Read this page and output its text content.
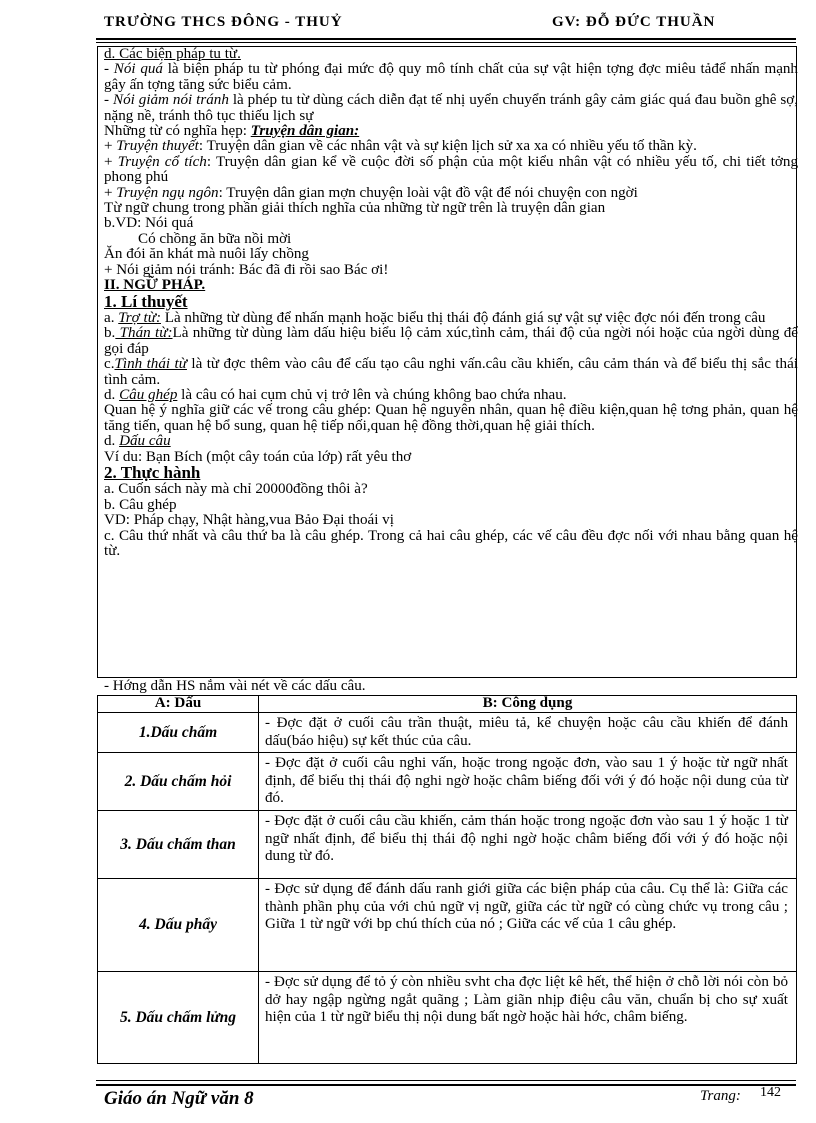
TRƯỜNG THCS ĐÔNG - THUỶ	GV: ĐỖ ĐỨC THUẦN

d. Các biện pháp tu từ.

- Nói quá là biện pháp tu từ phóng đại mức độ quy mô tính chất của sự vật hiện tợng đợc miêu tảđể nhấn mạnh gây ấn tợng tăng sức biểu cảm.

- Nói giảm nói tránh là phép tu từ dùng cách diễn đạt tế nhị uyển chuyển tránh gây cảm giác quá đau buồn ghê sợ, nặng nề, tránh thô tục thiếu lịch sự

Những từ có nghĩa hẹp: Truyện dân gian:

+ Truyện thuyết: Truyện dân gian về các nhân vật và sự kiện lịch sử xa xa có nhiều yếu tố thần kỳ.

+ Truyện cổ tích: Truyện dân gian kể về cuộc đời số phận của một kiểu nhân vật có nhiều yếu tố, chi tiết tởng phong phú

+ Truyện ngụ ngôn: Truyện dân gian mợn chuyện loài vật đồ vật để nói chuyện con ngời

Từ ngữ chung trong phần giải thích nghĩa của những từ ngữ trên là truyện dân gian

b.VD: Nói quá

Có chồng ăn bữa nồi mời

Ăn đói ăn khát mà nuôi lấy chồng

+ Nói giảm nói tránh: Bác đã đi rồi sao Bác ơi!

II. NGỮ PHÁP.

1. Lí thuyết

a. Trợ từ: Là những từ dùng để nhấn mạnh hoặc biểu thị thái độ đánh giá sự vật sự việc đợc nói đến trong câu

b. Thán từ:Là những từ dùng làm dấu hiệu biểu lộ cảm xúc,tình cảm, thái độ của ngời nói hoặc của ngời dùng để gọi đáp

c.Tình thái từ là từ đợc thêm vào câu để cấu tạo câu nghi vấn.câu cầu khiến, câu cảm thán và để biểu thị sắc thái tình cảm.

d. Câu ghép là câu có hai cụm chủ vị trở lên và chúng không bao chứa nhau.

Quan hệ ý nghĩa giữ các vế trong câu ghép: Quan hệ nguyên nhân, quan hệ điều kiện,quan hệ tơng phản, quan hệ tăng tiến, quan hệ bổ sung, quan hệ tiếp nối,quan hệ đồng thời,quan hệ giải thích.

d. Dấu câu

Ví du: Bạn Bích (một cây toán của lớp) rất yêu thơ

2. Thực hành

a. Cuốn sách này mà chỉ 20000đồng thôi à?

b. Câu ghép

VD: Pháp chạy, Nhật hàng,vua Bảo Đại thoái vị

c. Câu thứ nhất và câu thứ ba là câu ghép. Trong cả hai câu ghép, các vế câu đều đợc nối với nhau bằng quan hệ từ.

- Hớng dẫn HS nắm vài nét về các dấu câu.
A: Dấu	B: Công dụng
1.Dấu chấm	- Đợc đặt ở cuối câu trần thuật, miêu tả, kể chuyện hoặc câu cầu khiến để đánh dấu(báo hiệu) sự kết thúc của câu.
2. Dấu chấm hỏi	- Đợc đặt ở cuối câu nghi vấn, hoặc trong ngoặc đơn, vào sau 1 ý hoặc từ ngữ nhất định, để biểu thị thái độ nghi ngờ hoặc châm biếng đối với ý đó hoặc nội dung của từ đó.
3. Dấu chấm than	- Đợc đặt ở cuối câu cầu khiến, cảm thán hoặc trong ngoặc đơn vào sau 1 ý hoặc 1 từ ngữ nhất định, để biểu thị thái độ nghi ngờ hoặc châm biếng đối với ý đó hoặc nội dung từ đó.
4. Dấu phẩy	- Đợc sử dụng để đánh dấu ranh giới giữa các biện pháp của câu. Cụ thể là: Giữa các thành phần phụ của với chủ ngữ vị ngữ, giữa các từ ngữ có cùng chức vụ trong câu ; Giữa 1 từ ngữ với bp chú thích của nó ; Giữa các vế của 1 câu ghép.
5. Dấu chấm lửng	- Đợc sử dụng để tỏ ý còn nhiều svht cha đợc liệt kê hết, thể hiện ở chỗ lời nói còn bỏ dở hay ngập ngừng ngắt quãng ; Làm giãn nhịp điệu câu văn, chuẩn bị cho sự xuất hiện của 1 từ ngữ biểu thị nội dung bất ngờ hoặc hài hớc, châm biếng.
Giáo án Ngữ văn 8	Trang: 142
